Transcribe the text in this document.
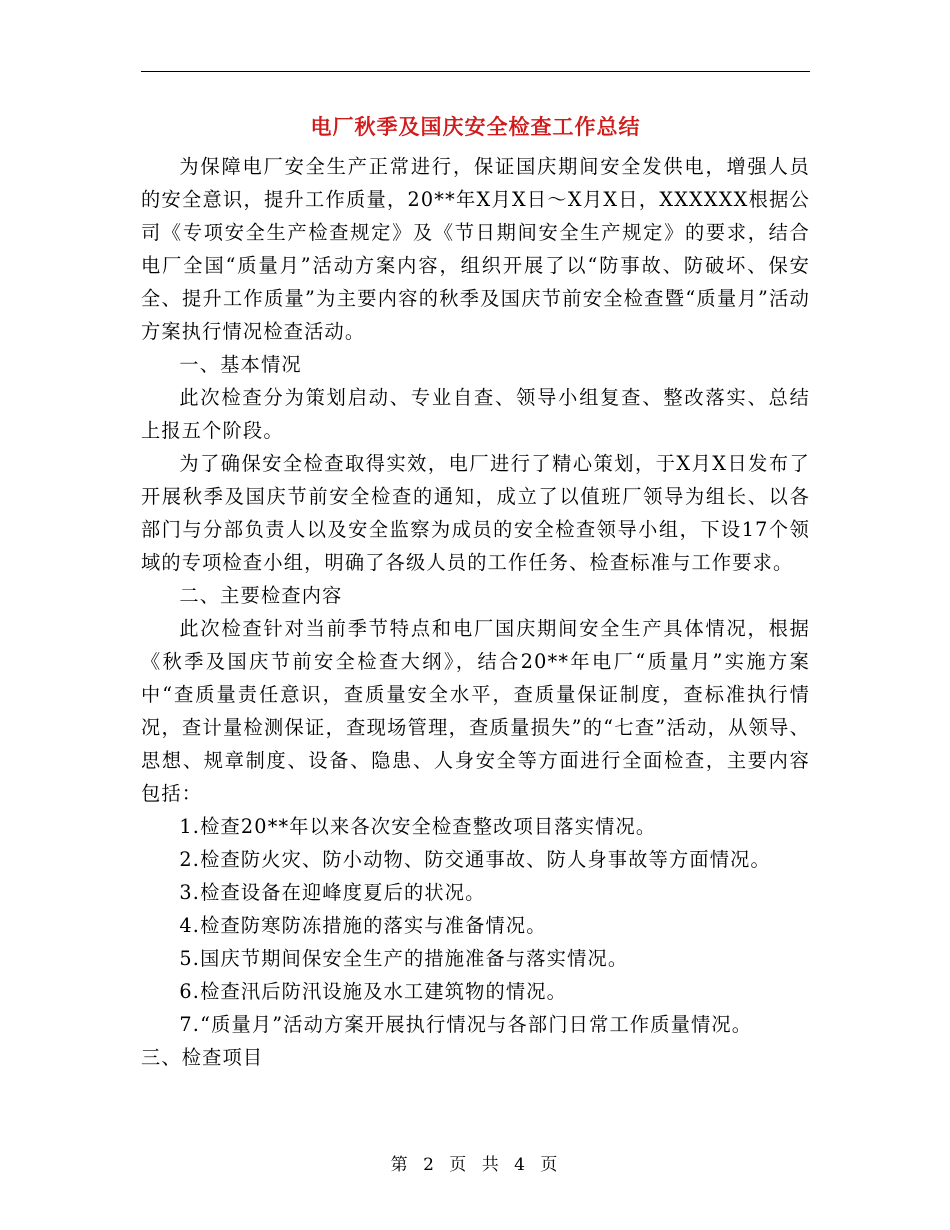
电厂秋季及国庆安全检查工作总结

为保障电厂安全生产正常进行，保证国庆期间安全发供电，增强人员的安全意识，提升工作质量，20**年X月X日～X月X日，XXXXXX根据公司《专项安全生产检查规定》及《节日期间安全生产规定》的要求，结合电厂全国“质量月”活动方案内容，组织开展了以“防事故、防破坏、保安全、提升工作质量”为主要内容的秋季及国庆节前安全检查暨“质量月”活动方案执行情况检查活动。

一、基本情况

此次检查分为策划启动、专业自查、领导小组复查、整改落实、总结上报五个阶段。

为了确保安全检查取得实效，电厂进行了精心策划，于X月X日发布了开展秋季及国庆节前安全检查的通知，成立了以值班厂领导为组长、以各部门与分部负责人以及安全监察为成员的安全检查领导小组，下设17个领域的专项检查小组，明确了各级人员的工作任务、检查标准与工作要求。

二、主要检查内容

此次检查针对当前季节特点和电厂国庆期间安全生产具体情况，根据《秋季及国庆节前安全检查大纲》，结合20**年电厂“质量月”实施方案中“查质量责任意识，查质量安全水平，查质量保证制度，查标准执行情况，查计量检测保证，查现场管理，查质量损失”的“七查”活动，从领导、思想、规章制度、设备、隐患、人身安全等方面进行全面检查，主要内容包括：

1.检查20**年以来各次安全检查整改项目落实情况。

2.检查防火灾、防小动物、防交通事故、防人身事故等方面情况。

3.检查设备在迎峰度夏后的状况。

4.检查防寒防冻措施的落实与准备情况。

5.国庆节期间保安全生产的措施准备与落实情况。

6.检查汛后防汛设施及水工建筑物的情况。

7.“质量月”活动方案开展执行情况与各部门日常工作质量情况。

三、检查项目

第 2 页 共 4 页
